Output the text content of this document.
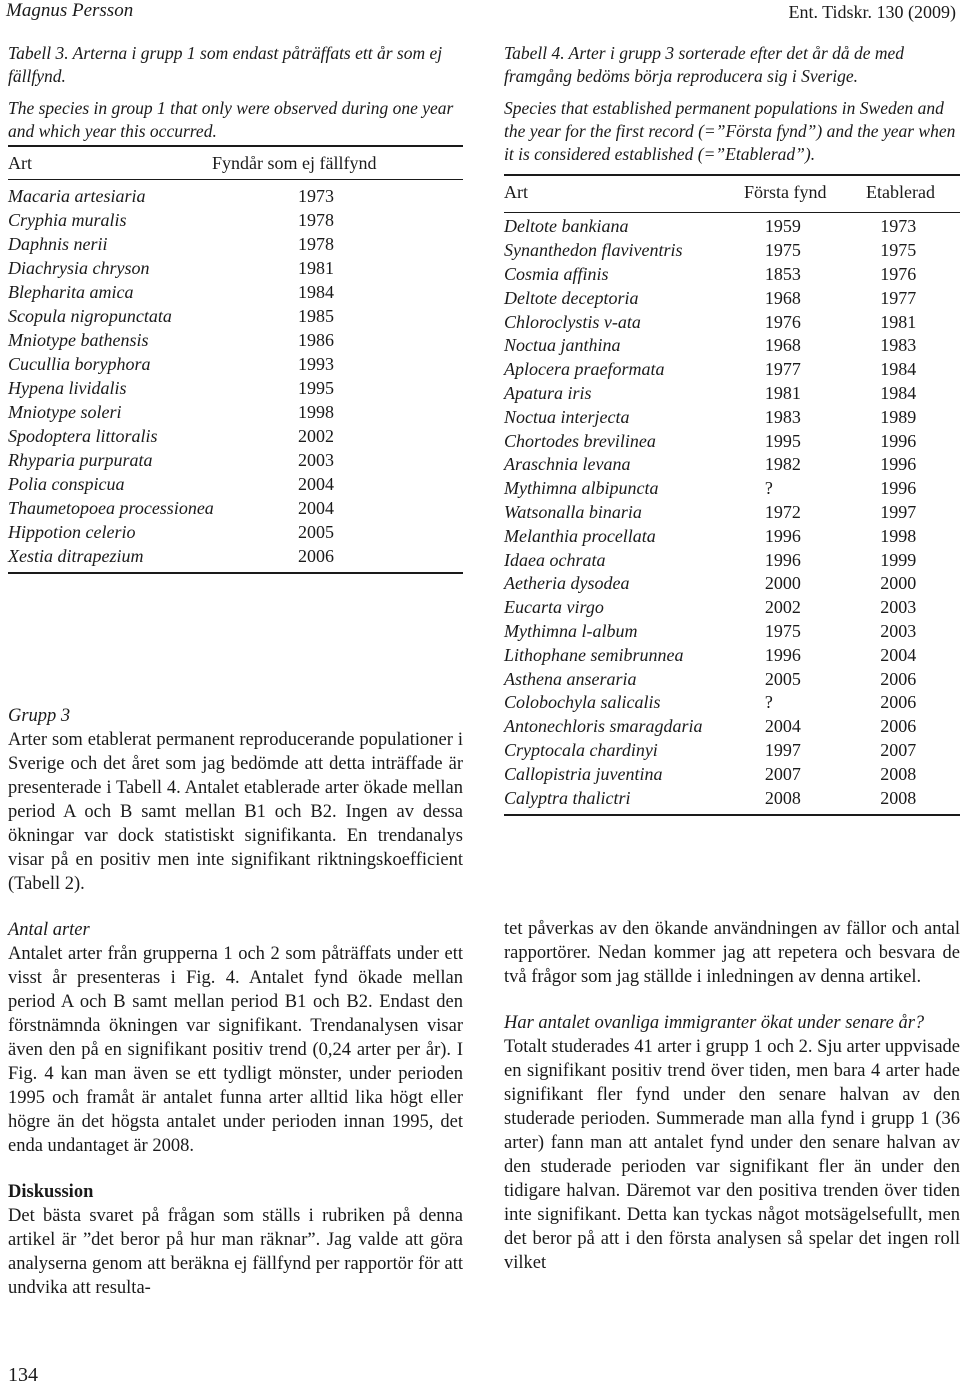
Magnus Persson	Ent. Tidskr. 130 (2009)

Tabell 3. Arterna i grupp 1 som endast påträffats ett år som ej fällfynd.

The species in group 1 that only were observed during one year and which year this occurred.

Art	Fyndår som ej fällfynd
Macaria artesiaria	1973
Cryphia muralis	1978
Daphnis nerii	1978
Diachrysia chryson	1981
Blepharita amica	1984
Scopula nigropunctata	1985
Mniotype bathensis	1986
Cucullia boryphora	1993
Hypena lividalis	1995
Mniotype soleri	1998
Spodoptera littoralis	2002
Rhyparia purpurata	2003
Polia conspicua	2004
Thaumetopoea processionea	2004
Hippotion celerio	2005
Xestia ditrapezium	2006

Grupp 3

Arter som etablerat permanent reproducerande populationer i Sverige och det året som jag bedömde att detta inträffade är presenterade i Tabell 4. Antalet etablerade arter ökade mellan period A och B samt mellan B1 och B2. Ingen av dessa ökningar var dock statistiskt signifikanta. En trendanalys visar på en positiv men inte signifikant riktningskoefficient (Tabell 2).

Antal arter

Antalet arter från grupperna 1 och 2 som påträffats under ett visst år presenteras i Fig. 4. Antalet fynd ökade mellan period A och B samt mellan period B1 och B2. Endast den förstnämnda ökningen var signifikant. Trendanalysen visar även den på en signifikant positiv trend (0,24 arter per år). I Fig. 4 kan man även se ett tydligt mönster, under perioden 1995 och framåt är antalet funna arter alltid lika högt eller högre än det högsta antalet under perioden innan 1995, det enda undantaget är 2008.

Diskussion

Det bästa svaret på frågan som ställs i rubriken på denna artikel är ”det beror på hur man räknar”. Jag valde att göra analyserna genom att beräkna ej fällfynd per rapportör för att undvika att resulta-

134

Tabell 4. Arter i grupp 3 sorterade efter det år då de med framgång bedöms börja reproducera sig i Sverige.

Species that established permanent populations in Sweden and the year for the first record (=”Första fynd”) and the year when it is considered established (=”Etablerad”).

Art	Första fynd Etablerad
Deltote bankiana	1959	1973
Synanthedon flaviventris	1975	1975
Cosmia affinis	1853	1976
Deltote deceptoria	1968	1977
Chloroclystis v-ata	1976	1981
Noctua janthina	1968	1983
Aplocera praeformata	1977	1984
Apatura iris	1981	1984
Noctua interjecta	1983	1989
Chortodes brevilinea	1995	1996
Araschnia levana	1982	1996
Mythimna albipuncta	?	1996
Watsonalla binaria	1972	1997
Melanthia procellata	1996	1998
Idaea ochrata	1996	1999
Aetheria dysodea	2000	2000
Eucarta virgo	2002	2003
Mythimna l-album	1975	2003
Lithophane semibrunnea	1996	2004
Asthena anseraria	2005	2006
Colobochyla salicalis	?	2006
Antonechloris smaragdaria	2004	2006
Cryptocala chardinyi	1997	2007
Callopistria juventina	2007	2008
Calyptra thalictri	2008	2008

tet påverkas av den ökande användningen av fällor och antal rapportörer. Nedan kommer jag att repetera och besvara de två frågor som jag ställde i inledningen av denna artikel.

Har antalet ovanliga immigranter ökat under senare år?

Totalt studerades 41 arter i grupp 1 och 2. Sju arter uppvisade en signifikant positiv trend över tiden, men bara 4 arter hade signifikant fler fynd under den senare halvan av den studerade perioden. Summerade man alla fynd i grupp 1 (36 arter) fann man att antalet fynd under den senare halvan av den studerade perioden var signifikant fler än under den tidigare halvan. Däremot var den positiva trenden över tiden inte signifikant. Detta kan tyckas något motsägelsefullt, men det beror på att i den första analysen så spelar det ingen roll vilket
